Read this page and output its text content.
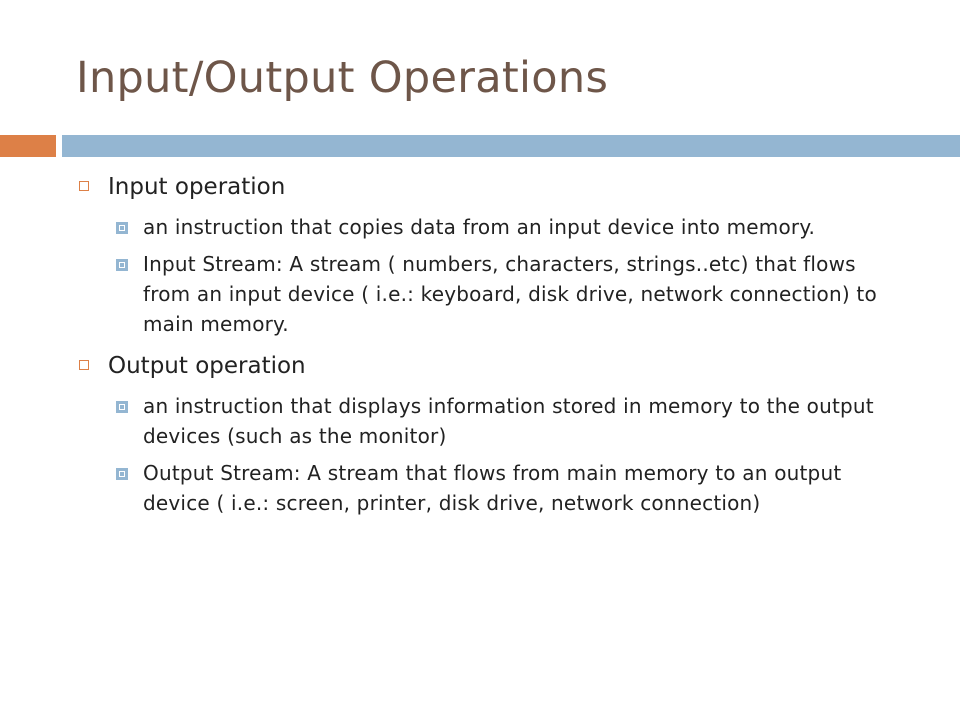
Input/Output Operations

Input operation

an instruction that copies data from an input device into memory.

Input Stream: A stream ( numbers, characters, strings..etc) that flows from an input device ( i.e.: keyboard, disk drive, network connection) to main memory.

Output operation

an instruction that displays information stored in memory to the output devices (such as the monitor)

Output Stream: A stream that flows from main memory to an output device ( i.e.: screen, printer, disk drive, network connection)
